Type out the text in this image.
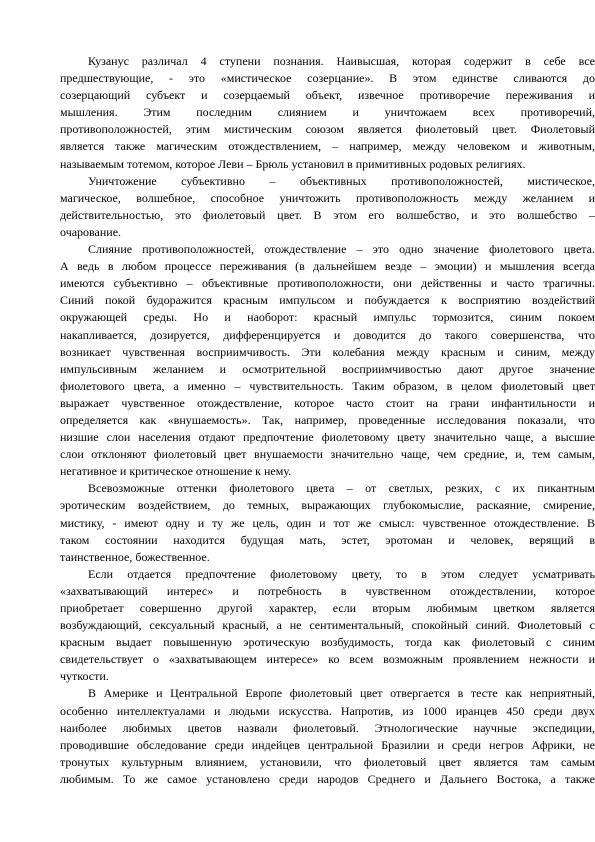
Кузанус различал 4 ступени познания. Наивысшая, которая содержит в себе все
предшествующие, - это «мистическое созерцание». В этом единстве сливаются до
созерцающий субъект и созерцаемый объект, извечное противоречие переживания и
мышления. Этим последним слиянием и уничтожаем всех противоречий,
противоположностей, этим мистическим союзом является фиолетовый цвет. Фиолетовый
является также магическим отождествлением, – например, между человеком и животным,
называемым тотемом, которое Леви – Брюль установил в примитивных родовых религиях.
Уничтожение субъективно – объективных противоположностей, мистическое,
магическое, волшебное, способное уничтожить противоположность между желанием и
действительностью, это фиолетовый цвет. В этом его волшебство, и это волшебство –
очарование.
Слияние противоположностей, отождествление – это одно значение фиолетового цвета.
А ведь в любом процессе переживания (в дальнейшем везде – эмоции) и мышления всегда
имеются субъективно – объективные противоположности, они действенны и часто трагичны.
Синий покой будоражится красным импульсом и побуждается к восприятию воздействий
окружающей среды. Но и наоборот: красный импульс тормозится, синим покоем
накапливается, дозируется, дифференцируется и доводится до такого совершенства, что
возникает чувственная восприимчивость. Эти колебания между красным и синим, между
импульсивным желанием и осмотрительной восприимчивостью дают другое значение
фиолетового цвета, а именно – чувствительность. Таким образом, в целом фиолетовый цвет
выражает чувственное отождествление, которое часто стоит на грани инфантильности и
определяется как «внушаемость». Так, например, проведенные исследования показали, что
низшие слои населения отдают предпочтение фиолетовому цвету значительно чаще, а высшие
слои отклоняют фиолетовый цвет внушаемости значительно чаще, чем средние, и, тем самым,
негативное и критическое отношение к нему.
Всевозможные оттенки фиолетового цвета – от светлых, резких, с их пикантным
эротическим воздействием, до темных, выражающих глубокомыслие, раскаяние, смирение,
мистику, - имеют одну и ту же цель, один и тот же смысл: чувственное отождествление. В
таком состоянии находится будущая мать, эстет, эротоман и человек, верящий в
таинственное, божественное.
Если отдается предпочтение фиолетовому цвету, то в этом следует усматривать
«захватывающий интерес» и потребность в чувственном отождествлении, которое
приобретает совершенно другой характер, если вторым любимым цветком является
возбуждающий, сексуальный красный, а не сентиментальный, спокойный синий. Фиолетовый с
красным выдает повышенную эротическую возбудимость, тогда как фиолетовый с синим
свидетельствует о «захватывающем интересе» ко всем возможным проявлением нежности и
чуткости.
В Америке и Центральной Европе фиолетовый цвет отвергается в тесте как неприятный,
особенно интеллектуалами и людьми искусства. Напротив, из 1000 иранцев 450 среди двух
наиболее любимых цветов назвали фиолетовый. Этнологические научные экспедиции,
проводившие обследование среди индейцев центральной Бразилии и среди негров Африки, не
тронутых культурным влиянием, установили, что фиолетовый цвет является там самым
любимым. То же самое установлено среди народов Среднего и Дальнего Востока, а также
